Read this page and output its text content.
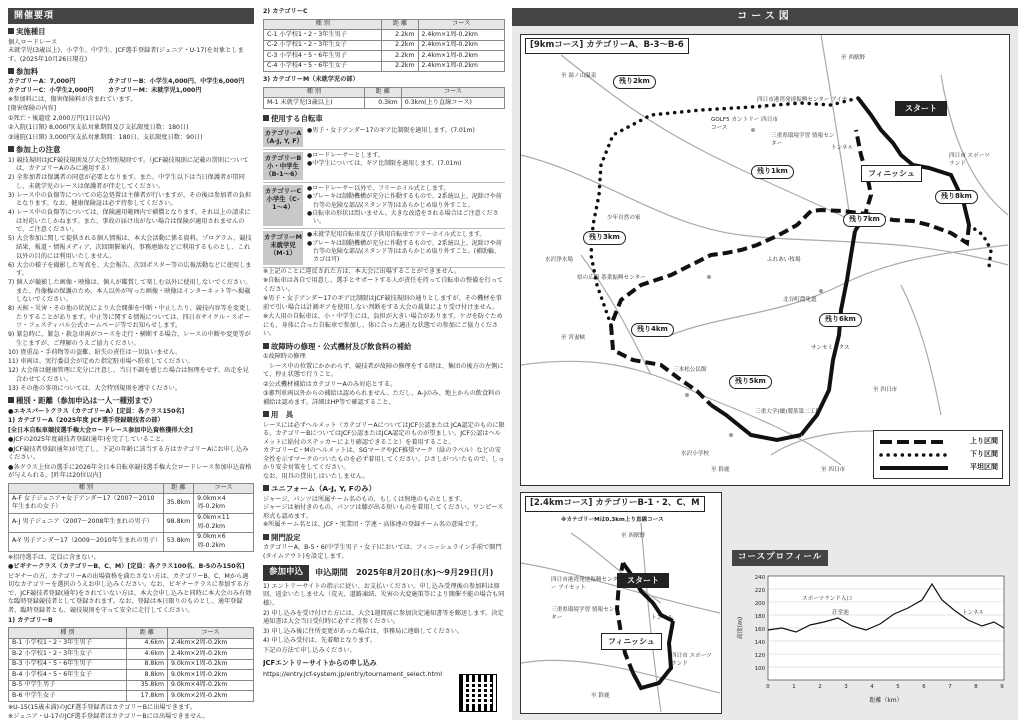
開催要項
実施種目

個人ロードレース
未就学児(3歳以上)、小学生、中学生、JCF選手登録者(ジュニア・U-17)を対象とします。(2025年10月26日現在)

参加料
カテゴリーA：7,000円	カテゴリーB：小学生4,000円、中学生6,000円
カテゴリーC：小学生2,000円	カテゴリーM：未就学児1,000円

※参加料には、傷害保険料が含まれています。

[傷害保険の内容]

①死亡・後遺症 2,000万円(1日以内)

②入院(1日額) 8,000円(支払対象期間及び支払限度日数：180日)

③通院(1日額) 3,000円(支払対象期間：180日、支払限度日数：90日)

参加上の注意
1) 競技規則はJCF競技規則及び大会特別規則です。（JCF競技規則に記載の罰則については、カテゴリーAのみに適用する）
2) 全参加者は保護者の同意が必要となります。また、中学生以下は当日保護者が帯同し、未就学児のレースは保護者が伴走してください。
3) レース中の負傷等についての応急処置は主催者が行いますが、その後は参加者の負担となります。なお、健康保険証は必ず持参してください。
4) レース中の負傷等については、保険適用範囲内で補償となります。それ以上の請求には対応いたしかねます。また、事故の届け出がない場合は保険が適用されませんので、ご注意ください。
5) 大会参加に関して提供される個人情報は、本大会活動に係る資料、プログラム、競技結果、報道・情報メディア、次回開催案内、事務連絡などに利用するものとし、これ以外の目的には利用いたしません。
6) 大会の様子を撮影した写真を、大会報告、次回ポスター等の広報活動などに使用します。
7) 個人が撮影した画像・映像は、個人が鑑賞して楽しむ以外に使用しないでください。また、肖像権の保護のため、本人以外が写った画像・映像はインターネット等へ掲載しないでください。
8) 天候・災害・その他の状況により大会開催を中断・中止したり、競技内容等を変更したりすることがあります。中止等に関する情報については、四日市サイクル・スポーツ・フェスティバル公式ホームページ等でお知らせします。
9) 緊急時に、緊急・救急車両がコースを走行・横断する場合、レースの中断や変更等が生じますが、ご理解のうえご協力ください。
10) 貴重品・手荷物等の盗難、紛失の責任は一切負いません。
11) 車両は、実行委員会が定めた指定駐車場へ駐車してください。
12) 大会前は健康管理に充分に注意し、当日不調を感じた場合は無理をせず、出走を見合わせてください。
13) その他の事項については、大会特別規則を遵守ください。
種別・距離（参加申込は一人一種別まで）

●エキスパートクラス（カテゴリーA）[定員：各クラス150名]

1) カテゴリーA（2025年度 JCF選手登録競技者の部）

[全日本自転車競技選手権大会ロードレース参加申込資格獲得大会]

●JCFの2025年度競技者登録(通年)を完了していること。

●JCF競技者登録(通年)が完了し、下記の年齢に該当する方はカテゴリーAにお申し込みください。

●各クラス上位の選手に2026年全日本自転車競技選手権大会ロードレース参加申込資格が与えられる。[昨年は20位以内]

種 別	距 離	コース
A-F 女子ジュニア+女子アンダー17（2007〜2010年生まれの女子）	35.8km	9.0km×4周-0.2km
A-J 男子ジュニア（2007〜2008年生まれの男子）	98.8km	9.0km×11周-0.2km
A-Y 男子アンダー17（2009〜2010年生まれの男子）	53.8km	9.0km×6周-0.2km

※招待選手は、定員に含まない。

●ビギナークラス（カテゴリーB、C、M）[定員：各クラス100名、B-5のみ150名]

ビギナーの方、カテゴリーAの出場資格を満たさない方は、カテゴリーB、C、Mから適切なカテゴリーを選択のうえお申し込みください。なお、ビギナークラスに参加する方で、JCF競技者登録(通年)をされていない方は、本大会申し込みと同時に本大会のみ有効な臨時登録競技者として登録されます。なお、登録は本日限りのものとし、通年登録者、臨時登録者とも、競技規則を守って安全に走行してください。

1) カテゴリーB

種 別	距 離	コース
B-1 小学校1・2・3年生男子	4.6km	2.4km×2周-0.2km
B-2 小学校1・2・3年生女子	4.6km	2.4km×2周-0.2km
B-3 小学校4・5・6年生男子	8.8km	9.0km×1周-0.2km
B-4 小学校4・5・6年生女子	8.8km	9.0km×1周-0.2km
B-5 中学生男子	35.8km	9.0km×4周-0.2km
B-6 中学生女子	17.8km	9.0km×2周-0.2km

※U-15(15歳未満)のJCF選手登録者はカテゴリーBに出場できます。

※ジュニア・U-17のJCF選手登録者はカテゴリーBには出場できません。

2) カテゴリーC

種 別	距 離	コース
C-1 小学校1・2・3年生男子	2.2km	2.4km×1周-0.2km
C-2 小学校1・2・3年生女子	2.2km	2.4km×1周-0.2km
C-3 小学校4・5・6年生男子	2.2km	2.4km×1周-0.2km
C-4 小学校4・5・6年生女子	2.2km	2.4km×1周-0.2km

3) カテゴリーM（未就学児の部）

種 別	距 離	コース
M-1 未就学児(3歳以上)	0.3km	0.3km(上り直線コース)
使用する自転車
カテゴリーA（A-J, Y, F）
●男子・女子アンダー17のギア比制限を適用します。(7.01m)
カテゴリーB 小・中学生（B-1〜6）
●ロードレーサーとします。
●中学生については、ギア比制限を適用します。(7.01m)
カテゴリーC 小学生（C-1〜4）
●ロードレーサー以外で、フリーホイル式とします。
●ブレーキは制動機構が充分に作動するもので、2系統以上、泥除けや荷台等の危険な部品(スタンド等)はあらかじめ取り外すこと。
●自転車の形状は問いません。大きな改造をされる場合はご注意ください。
カテゴリーM 未就学児（M-1）
●未就学児用自転車及び子供用自転車でフリーホイル式とします。
●ブレーキは制動機構が充分に作動するもので、2系統以上、泥除けや荷台等の危険な部品(スタンド等)はあらかじめ取り外すこと。(補助輪、カゴは可)

※上記のことに違反された方は、本大会に出場することができません。

※自転車は各自で用意し、選手とサポートする人が責任を持って自転車の整備を行ってください。

※男子・女子アンダー17のギア比制限はJCF競技規則の通りとしますが、その機材を事前で引い場合は計測ギアを使用しない判断をする大会の裁量により受け付けません。

※大人用の自転車は、小・中学生には、負担が大きい場合があります。ケガを防ぐためにも、身体に合った自転車で参加し、体に合った適正な状態での参加にご協力ください。

故障時の修理・公式機材及び飲食料の補給

①故障時の修理

　レース中の位置にかかわらず、競技者が故障の修理をする時は、集団の後方の左側にて、停止状態で行うこと。

②公式機材補給はカテゴリーAのみ対応とする。

③審判車両以外からの補給は認められません。ただし、A-Jのみ、地上からの飲食料の補給は認めます。詳細はHP等で確認すること。

用　具

レースには必ずヘルメット（カテゴリーAについてはJCF公認または JCA認定のものに限る。カテゴリーBについてはJCF公認またはJCA認定のものが望ましい。JCF公認はヘルメットに貼付のステッカーにより確認できること）を着用すること。
カテゴリーC・Mのヘルメットは、SGマークやJCF推奨マーク（緑のラベル）などの安全性を示すマークのついたものを必ず着用してください。ひさしがついたもので、しっかり安全対策をしてください。
なお、用具の貸出しはいたしません。

ユニフォーム（A-J, Y, Fのみ）

ジャージ、パンツは所属チーム名のもの、もしくは無地のものとします。
ジャージは袖付きのもの、パンツは膝が出る短いものを着用してください。ワンピース形式も認めます。
※所属チーム名とは、JCF・実業団・学連・高体連の登録チーム名の意味です。

開門設定

カテゴリーA、B-5・6(中学生男子・女子)においては、フィニッシュライン手前で開門(タイムアウト)を設定します。

参加申込	申込期間　2025年8月20日(水)〜9月29日(月)

1) エントリーサイトの指示に従い、お支払いください。申し込み受理後の参加料は原則、返金いたしません（荒天、道路凍結、災害の大変施策等により開催不能の場合も同様）。

2) 申し込みを受け付けた方には、大会1週間前に参加決定通知書等を郵送します。決定通知書は大会当日受付時に必ずご持参ください。

3) 申し込み後に住所変更があった場合は、事務局に連絡してください。

4) 申し込み受付は、先着順となります。

下記の方法で申し込みください。

JCFエントリーサイトからの申し込み

https://entry.jcf-system.jp/entry/tournament_select.html

コース図
[9kmコース] カテゴリーA、B-3〜B-6
スタート
フィニッシュ
残り2km
残り1km
残り8km
残り7km
残り3km
残り6km
残り4km
残り5km
至 西駅野
至 湯ノ山温泉
四日市港湾発達振興センター アイセット
GOLF5 カントリー 四日市コース
三重県環境学習 情報センター
トンネル
四日市 スポーツランド
少年自然の家
水沢浄水場	ふれあい牧場
県の広場 茶業振興センター
北谷町農免道
至 宮妻峡
三本松公民館
サンセミックス
至 四日市
三重大学(嬢)製茶第二工場
水沢小学校
至 鈴鹿	至 四日市
上り区間
下り区間
平坦区間
[2.4kmコース] カテゴリーB-1・2、C、M
※カテゴリーMは0.3km上り直線コース
スタート
フィニッシュ
至 西駅野
四日市港湾発達振興センター アイセット
三重県環境学習 情報センター	トンネル
四日市 スポーツランド
至 鈴鹿
コースプロフィール
240
220
200
180
160
140
120
100
0	1	2	3	4	5	6	7	8	9
スポーツランド入口
荘堂池	トンネル
距離（km）
高度(m)
